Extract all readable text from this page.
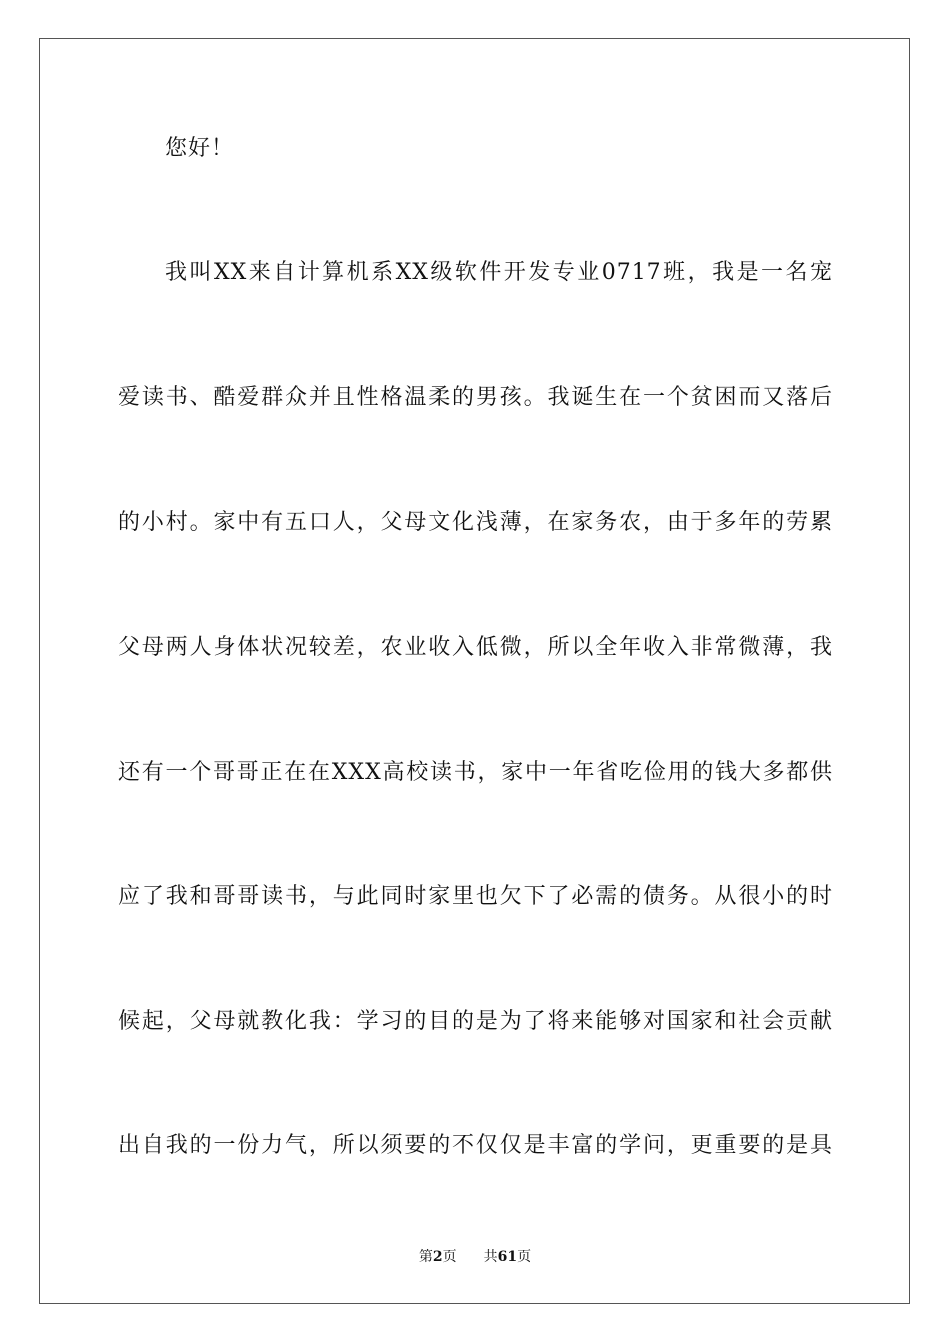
您好！
我叫XX来自计算机系XX级软件开发专业0717班，我是一名宠
爱读书、酷爱群众并且性格温柔的男孩。我诞生在一个贫困而又落后
的小村。家中有五口人，父母文化浅薄，在家务农，由于多年的劳累
父母两人身体状况较差，农业收入低微，所以全年收入非常微薄，我
还有一个哥哥正在在XXX高校读书，家中一年省吃俭用的钱大多都供
应了我和哥哥读书，与此同时家里也欠下了必需的债务。从很小的时
候起，父母就教化我：学习的目的是为了将来能够对国家和社会贡献
出自我的一份力气，所以须要的不仅仅是丰富的学问，更重要的是具
第2页 共61页
